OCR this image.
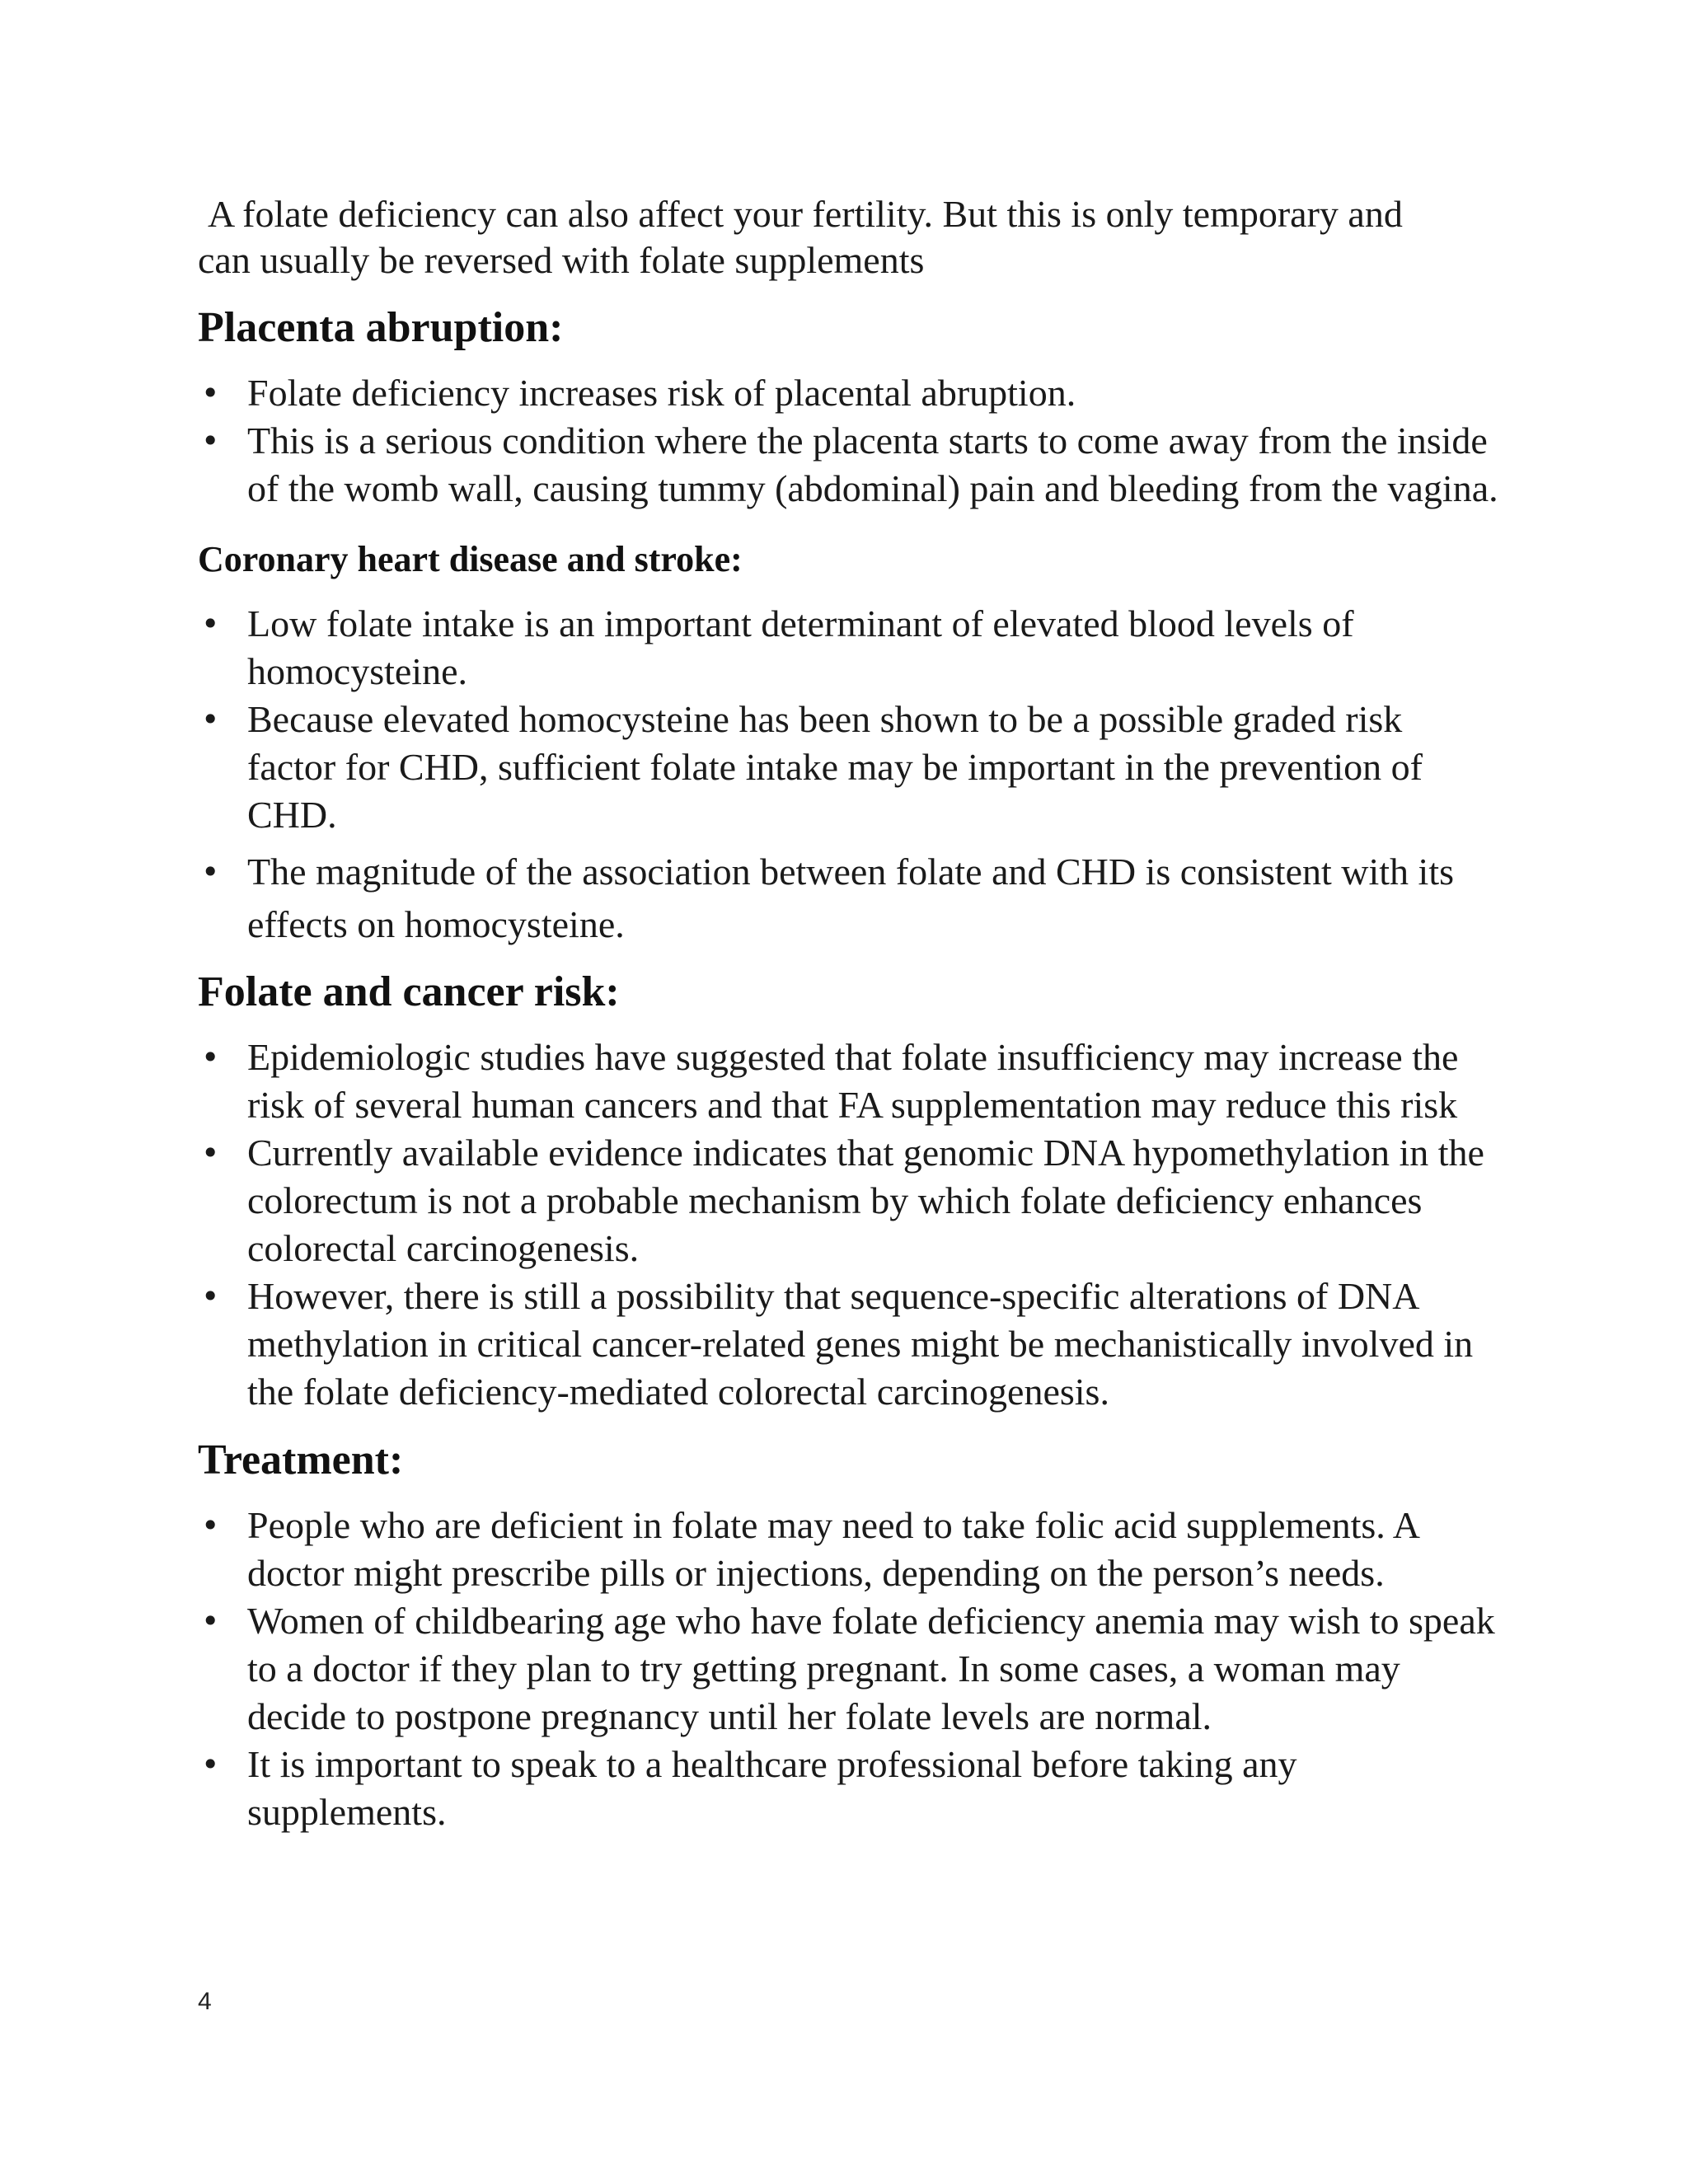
A folate deficiency can also affect your fertility. But this is only temporary and
can usually be reversed with folate supplements

Placenta abruption:
• Folate deficiency increases risk of placental abruption.
• This is a serious condition where the placenta starts to come away from the inside of the womb wall, causing tummy (abdominal) pain and bleeding from the vagina.
Coronary heart disease and stroke:
• Low folate intake is an important determinant of elevated blood levels of homocysteine.
• Because elevated homocysteine has been shown to be a possible graded risk factor for CHD, sufficient folate intake may be important in the prevention of CHD.
• The magnitude of the association between folate and CHD is consistent with its effects on homocysteine.
Folate and cancer risk:
• Epidemiologic studies have suggested that folate insufficiency may increase the risk of several human cancers and that FA supplementation may reduce this risk
• Currently available evidence indicates that genomic DNA hypomethylation in the colorectum is not a probable mechanism by which folate deficiency enhances colorectal carcinogenesis.
• However, there is still a possibility that sequence-specific alterations of DNA methylation in critical cancer-related genes might be mechanistically involved in the folate deficiency-mediated colorectal carcinogenesis.
Treatment:
• People who are deficient in folate may need to take folic acid supplements. A doctor might prescribe pills or injections, depending on the person’s needs.
• Women of childbearing age who have folate deficiency anemia may wish to speak to a doctor if they plan to try getting pregnant. In some cases, a woman may decide to postpone pregnancy until her folate levels are normal.
• It is important to speak to a healthcare professional before taking any supplements.
4
